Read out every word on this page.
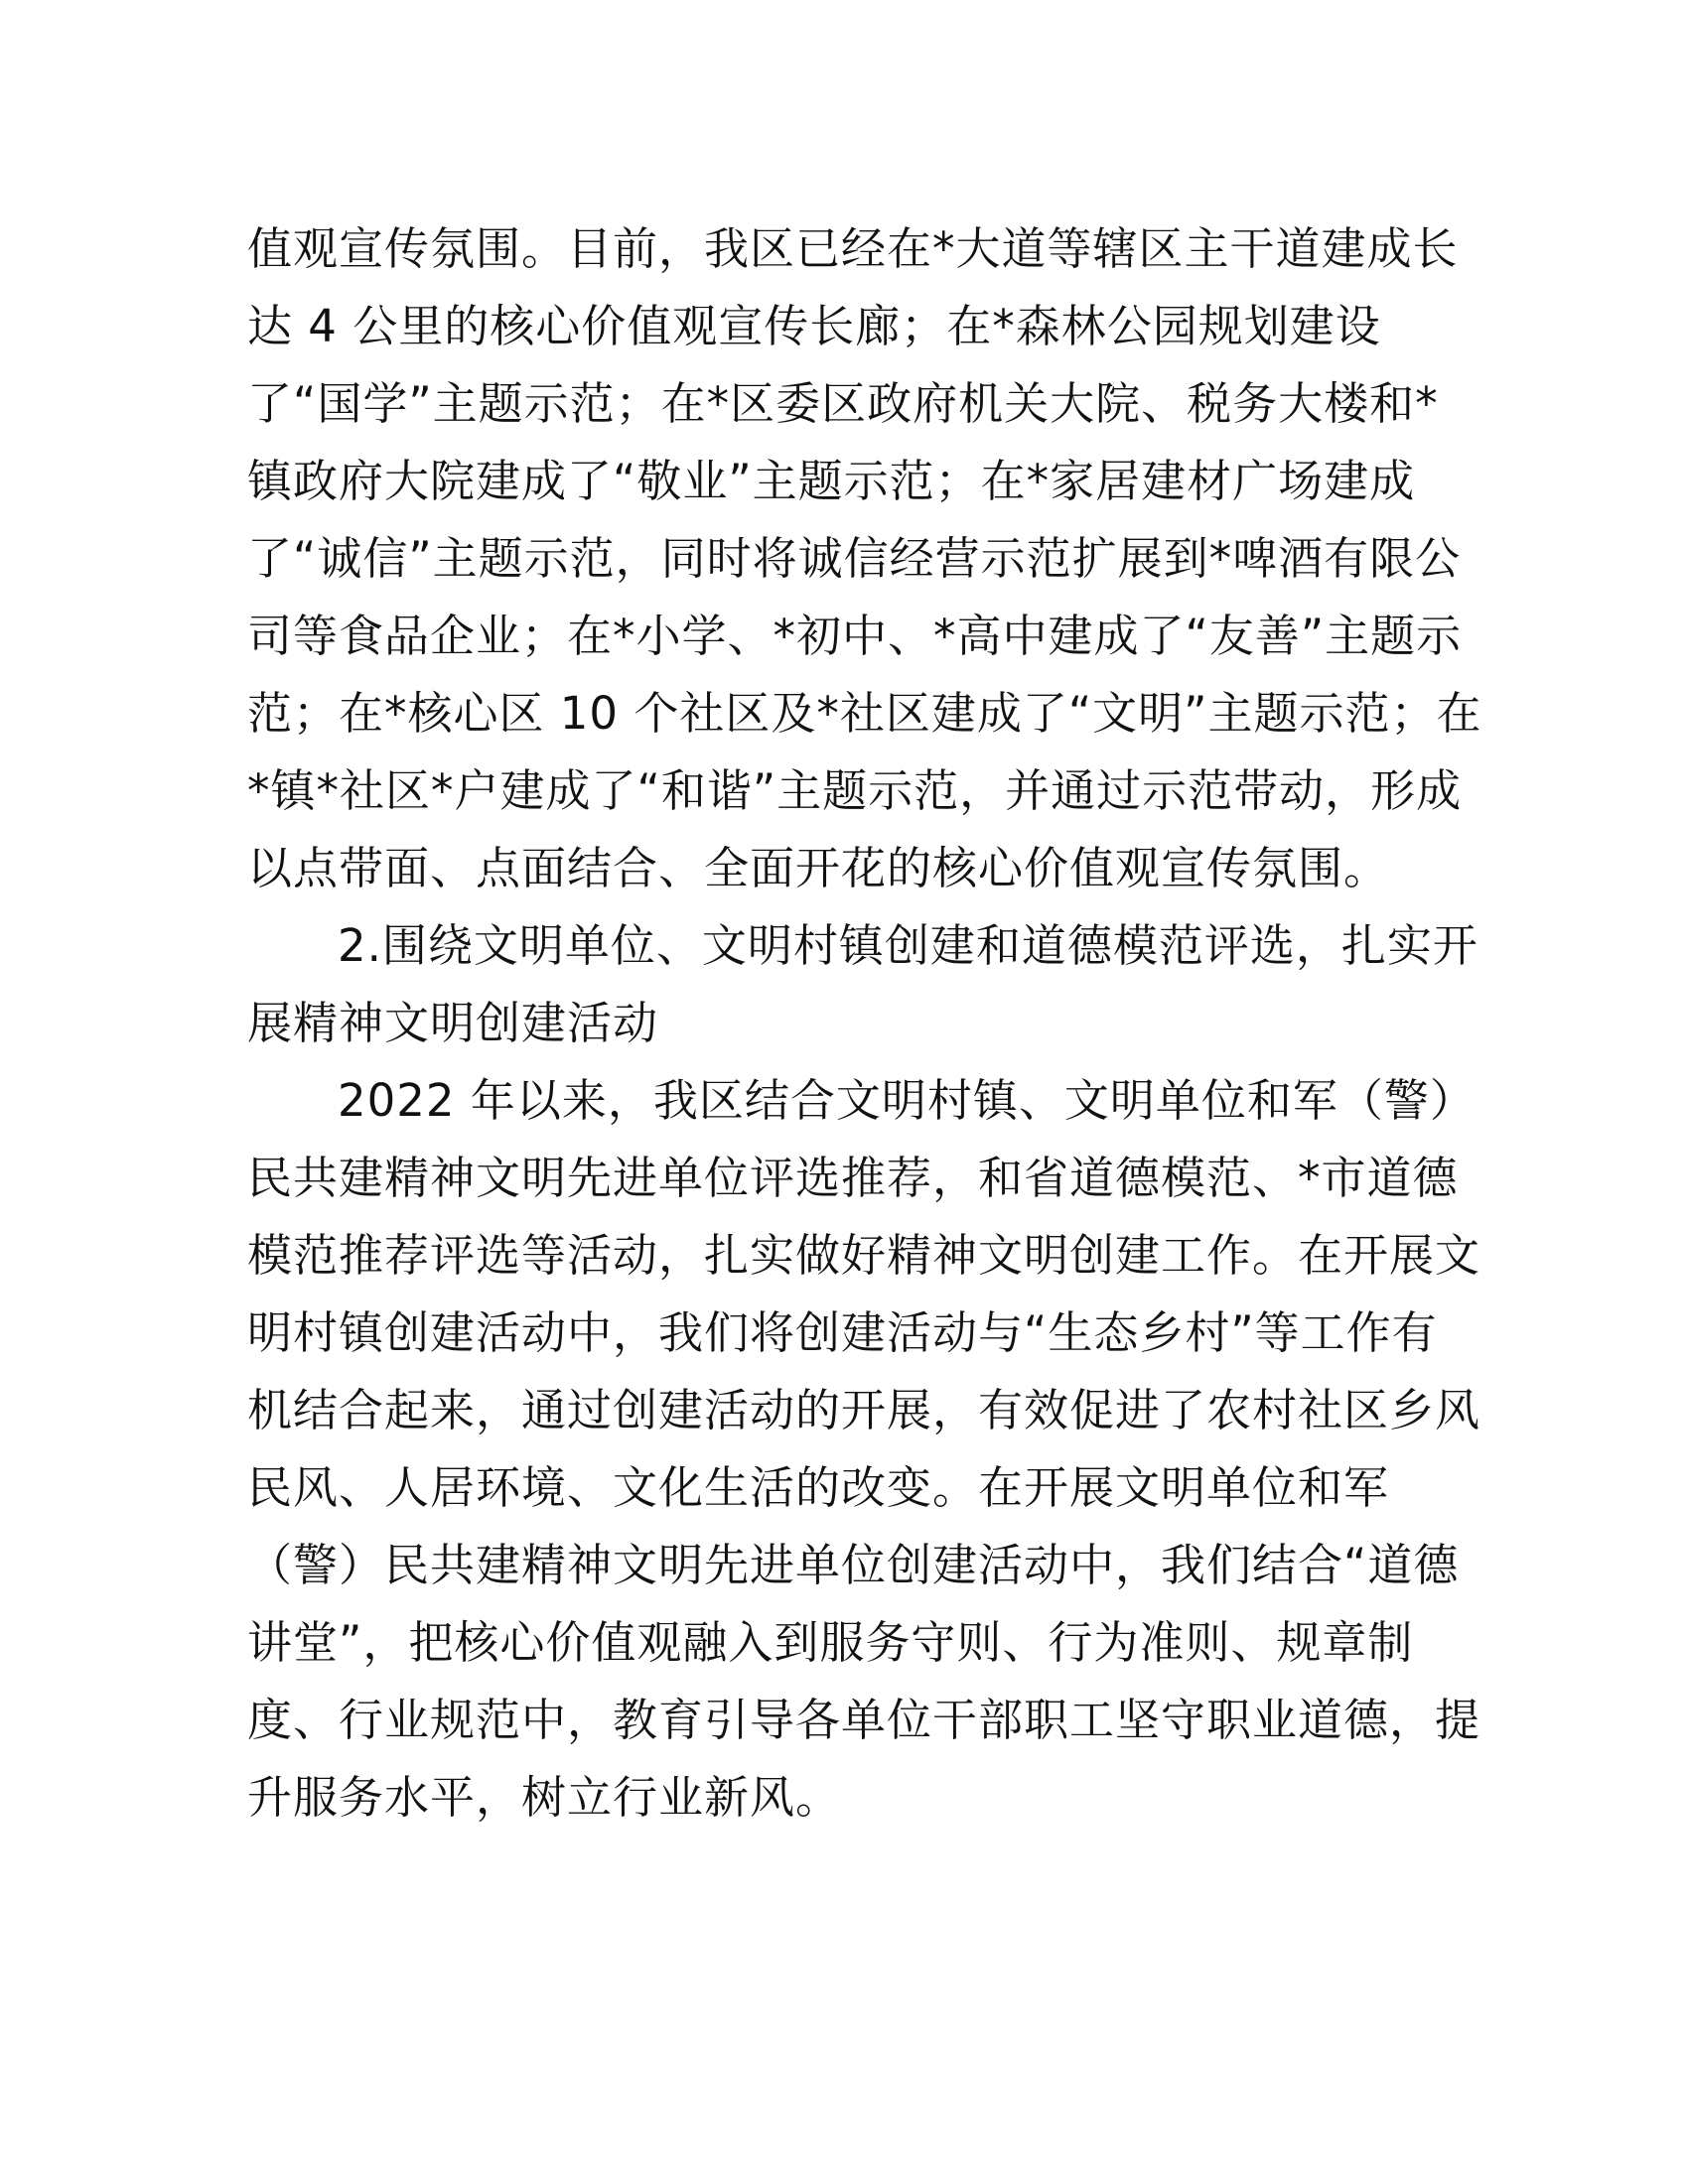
值观宣传氛围。目前，我区已经在*大道等辖区主干道建成长
达 4 公里的核心价值观宣传长廊；在*森林公园规划建设
了“国学”主题示范；在*区委区政府机关大院、税务大楼和*
镇政府大院建成了“敬业”主题示范；在*家居建材广场建成
了“诚信”主题示范，同时将诚信经营示范扩展到*啤酒有限公
司等食品企业；在*小学、*初中、*高中建成了“友善”主题示
范；在*核心区 10 个社区及*社区建成了“文明”主题示范；在
*镇*社区*户建成了“和谐”主题示范，并通过示范带动，形成
以点带面、点面结合、全面开花的核心价值观宣传氛围。
2.围绕文明单位、文明村镇创建和道德模范评选，扎实开
展精神文明创建活动
2022 年以来，我区结合文明村镇、文明单位和军（警）
民共建精神文明先进单位评选推荐，和省道德模范、*市道德
模范推荐评选等活动，扎实做好精神文明创建工作。在开展文
明村镇创建活动中，我们将创建活动与“生态乡村”等工作有
机结合起来，通过创建活动的开展，有效促进了农村社区乡风
民风、人居环境、文化生活的改变。在开展文明单位和军
（警）民共建精神文明先进单位创建活动中，我们结合“道德
讲堂”，把核心价值观融入到服务守则、行为准则、规章制
度、行业规范中，教育引导各单位干部职工坚守职业道德，提
升服务水平，树立行业新风。
